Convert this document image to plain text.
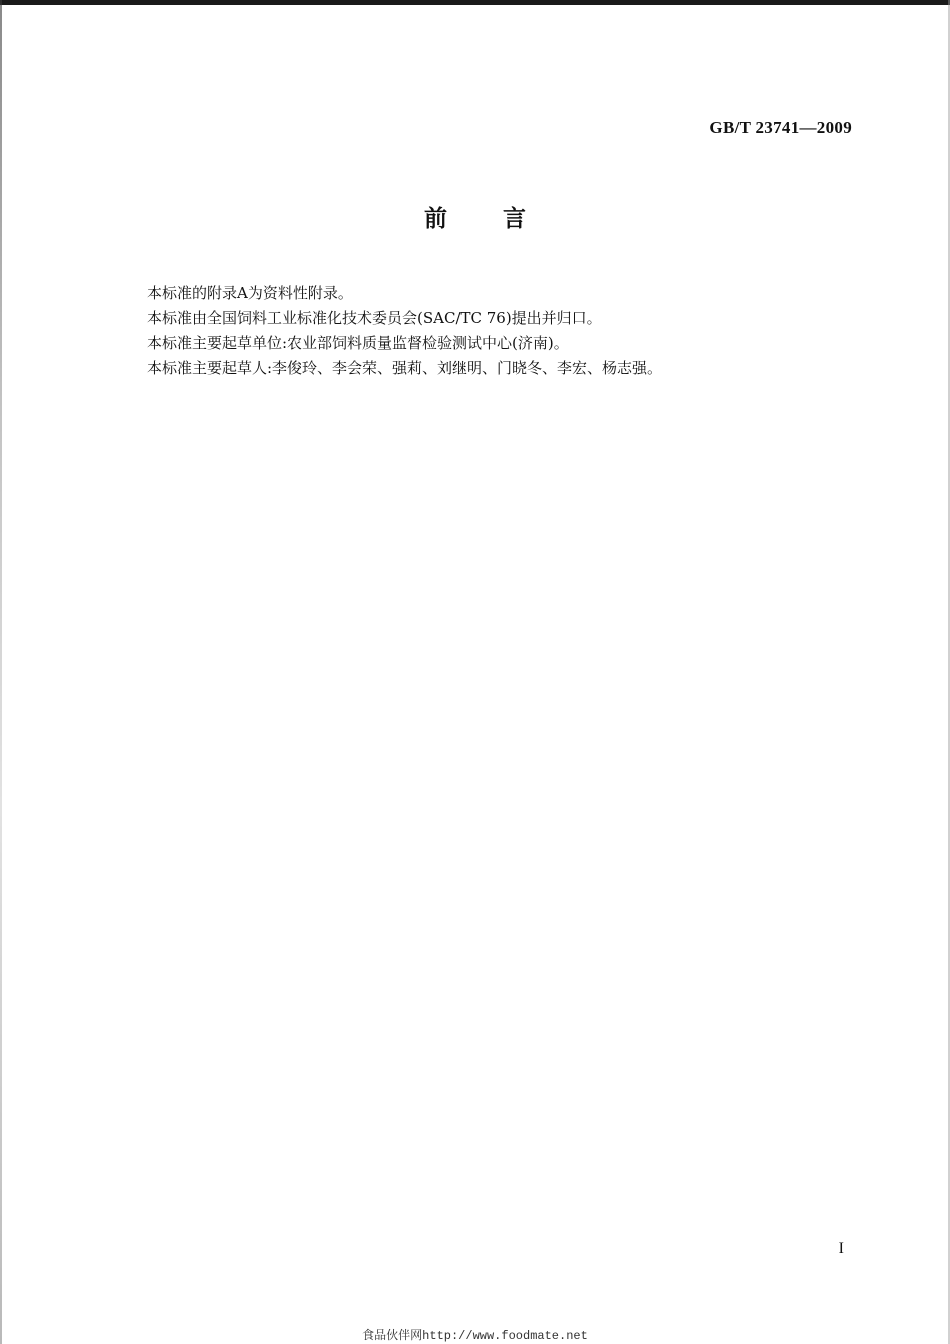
GB/T 23741—2009
前言

本标准的附录A为资料性附录。

本标准由全国饲料工业标准化技术委员会(SAC/TC 76)提出并归口。

本标准主要起草单位:农业部饲料质量监督检验测试中心(济南)。

本标准主要起草人:李俊玲、李会荣、强莉、刘继明、门晓冬、李宏、杨志强。

I
食品伙伴网http://www.foodmate.net
